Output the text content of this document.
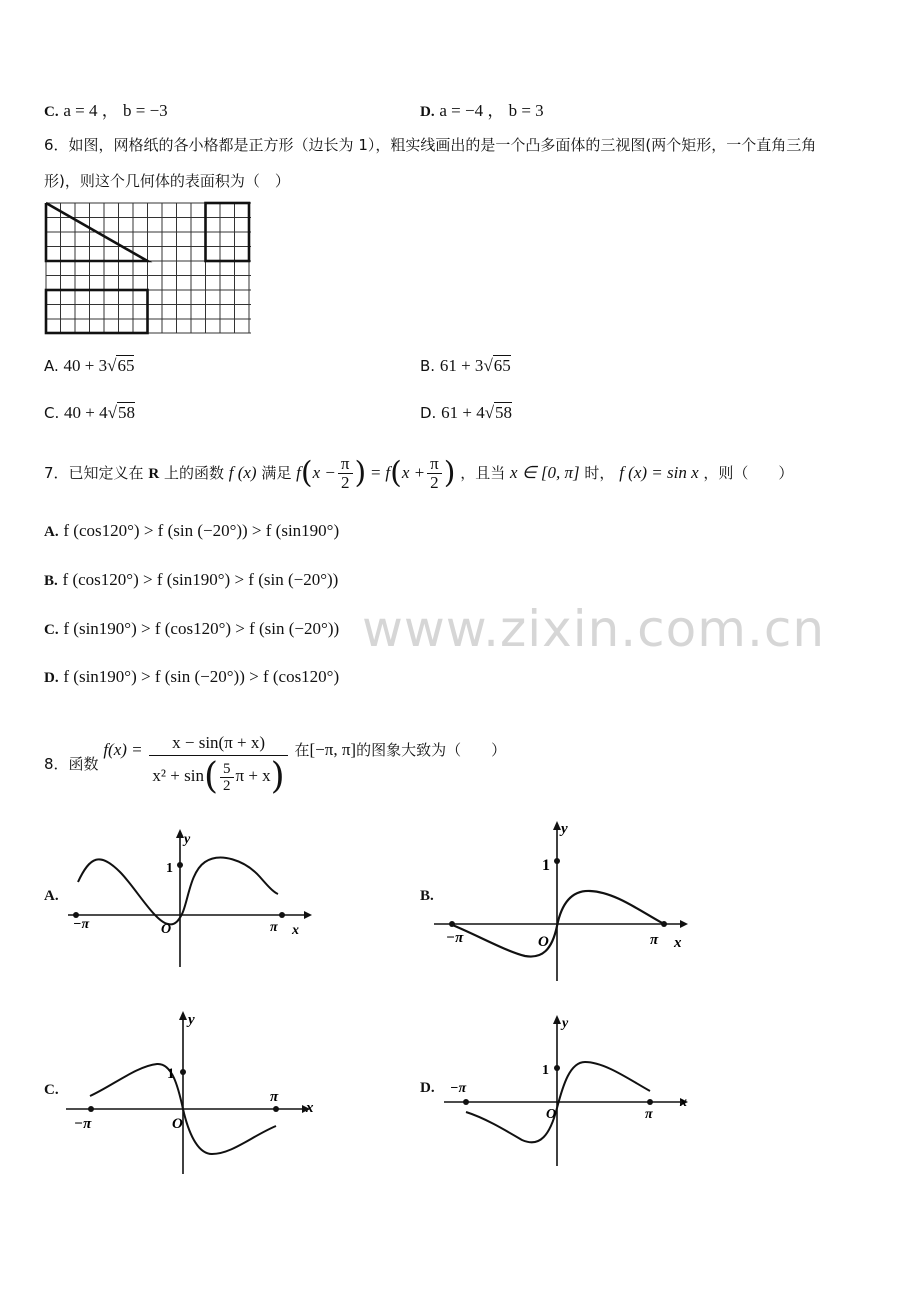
C. a = 4 ， b = −3	D. a = −4 ， b = 3
6．如图，网格纸的各小格都是正方形（边长为 1），粗实线画出的是一个凸多面体的三视图(两个矩形，一个直角三角
形)，则这个几何体的表面积为（　）
A. 40 + 3√65	B. 61 + 3√65
C. 40 + 4√58	D. 61 + 4√58
7．已知定义在 R 上的函数 f (x) 满足 $f(x - \frac{\pi}{2}$ ) = $f(x + \frac{\pi}{2}$ ) ，且当 x ∈ [0, π] 时， f (x) = sin x ，则（　　）
A. f (cos120°) > f (sin (−20°)) > f (sin190°)
B. f (cos120°) > f (sin190°) > f (sin (−20°))
C. f (sin190°) > f (cos120°) > f (sin (−20°))
D. f (sin190°) > f (sin (−20°)) > f (cos120°)
www.zixin.com.cn
8．函数 $f(x) = \frac{x - \sin(\pi + x)}{x^2 + \sin( \frac{5}{2} \pi + x)}$ 在[−π, π]的图象大致为（　　）
A.
−π	π x
y
1
O
B.
−π	π x
y
1
O
C.
−π
π
x
y
1
O
D. −π
π
x
y
1
O
